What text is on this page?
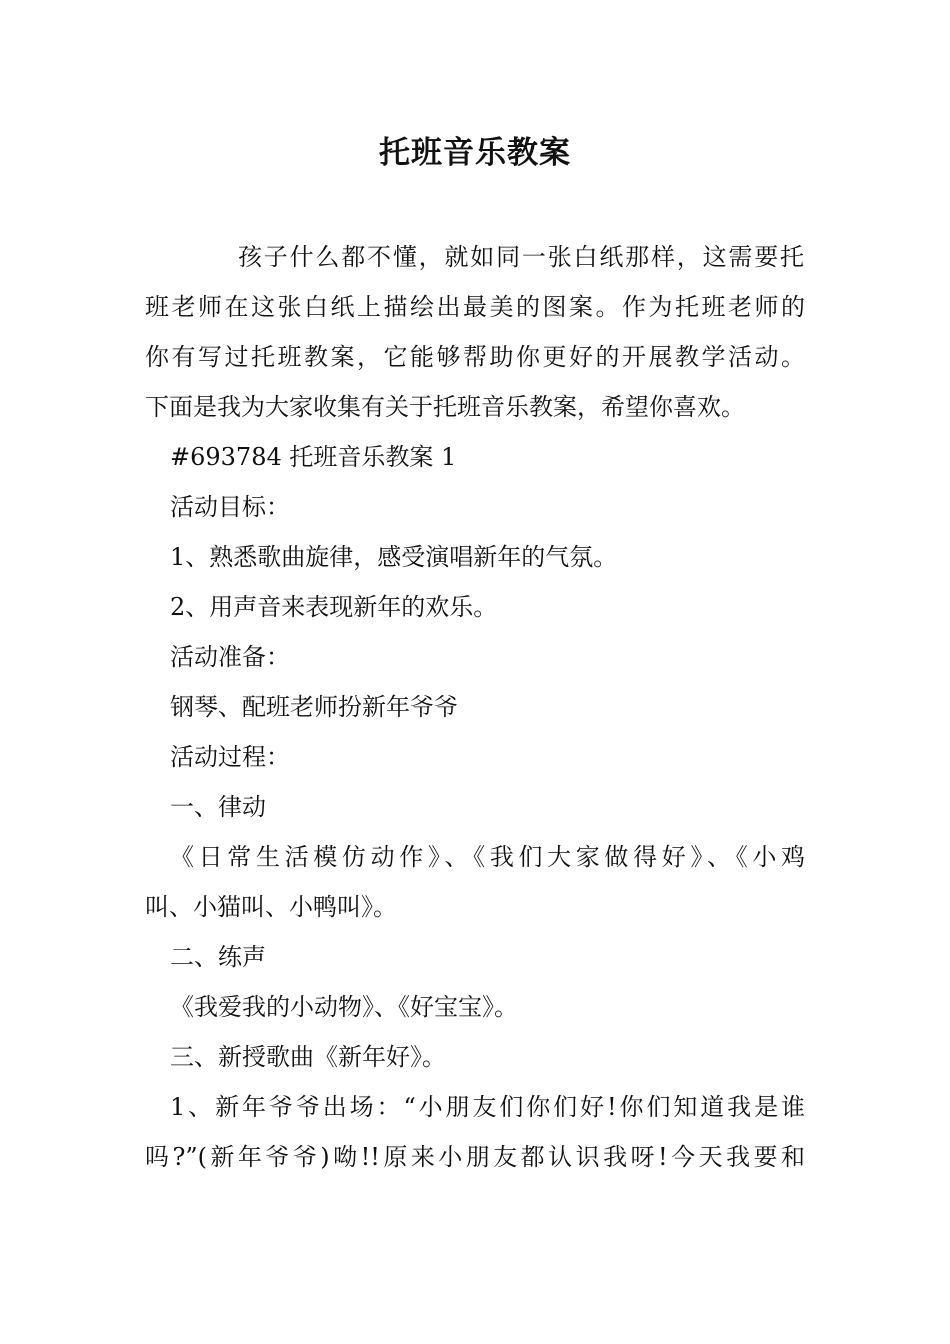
托班音乐教案
孩子什么都不懂，就如同一张白纸那样，这需要托
班老师在这张白纸上描绘出最美的图案。作为托班老师的
你有写过托班教案，它能够帮助你更好的开展教学活动。
下面是我为大家收集有关于托班音乐教案，希望你喜欢。
#693784 托班音乐教案 1
活动目标：
1、熟悉歌曲旋律，感受演唱新年的气氛。
2、用声音来表现新年的欢乐。
活动准备：
钢琴、配班老师扮新年爷爷
活动过程：
一、律动
《日常生活模仿动作》、《我们大家做得好》、《小鸡
叫、小猫叫、小鸭叫》。
二、练声
《我爱我的小动物》、《好宝宝》。
三、新授歌曲《新年好》。
1、新年爷爷出场：“小朋友们你们好!你们知道我是谁
吗?”(新年爷爷)呦!!原来小朋友都认识我呀!今天我要和
